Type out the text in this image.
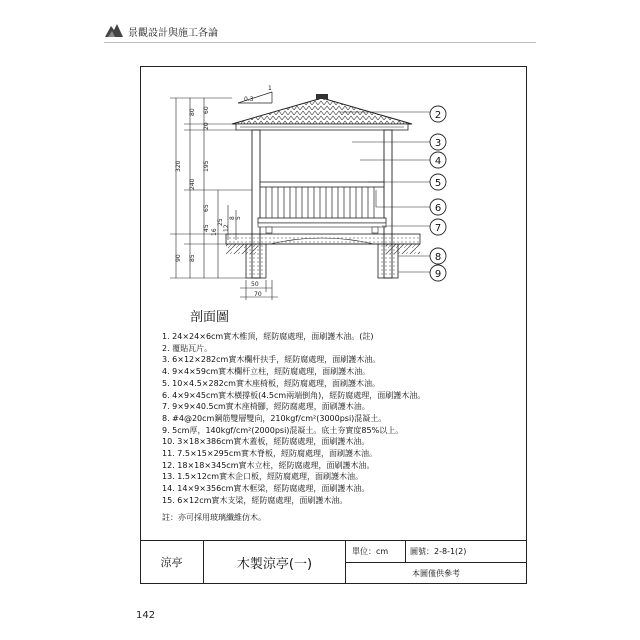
景觀設計與施工各論
0.3
1
80 60
20
320
240
195
65
45
16
25
12
8 5
90 85
50
70
2
3
4
5
6
7
8
9
剖面圖
1. 24×24×6cm實木椎頂，經防腐處理，面刷護木油。(註)
2. 覆貼瓦片。
3. 6×12×282cm實木欄杆扶手，經防腐處理，面刷護木油。
4. 9×4×59cm實木欄杆立柱，經防腐處理，面刷護木油。
5. 10×4.5×282cm實木座椅板，經防腐處理，面刷護木油。
6. 4×9×45cm實木橫撐板(4.5cm兩端倒角)，經防腐處理，面刷護木油。
7. 9×9×40.5cm實木座椅腳，經防腐處理，面刷護木油。
8. #4@20cm鋼筋雙層雙向，210kgf/cm²(3000psi)混凝土。
9. 5cm厚，140kgf/cm²(2000psi)混凝土。底土夯實度85%以上。
10. 3×18×386cm實木蓋板，經防腐處理，面刷護木油。
11. 7.5×15×295cm實木脊板，經防腐處理，面刷護木油。
12. 18×18×345cm實木立柱，經防腐處理，面刷護木油。
13. 1.5×12cm實木企口板，經防腐處理，面刷護木油。
14. 14×9×356cm實木框梁，經防腐處理，面刷護木油。
15. 6×12cm實木支梁，經防腐處理，面刷護木油。
註：亦可採用玻璃纖維仿木。
涼亭	木製涼亭(一)
單位：cm	圖號：2-8-1(2)
本圖僅供參考
142
